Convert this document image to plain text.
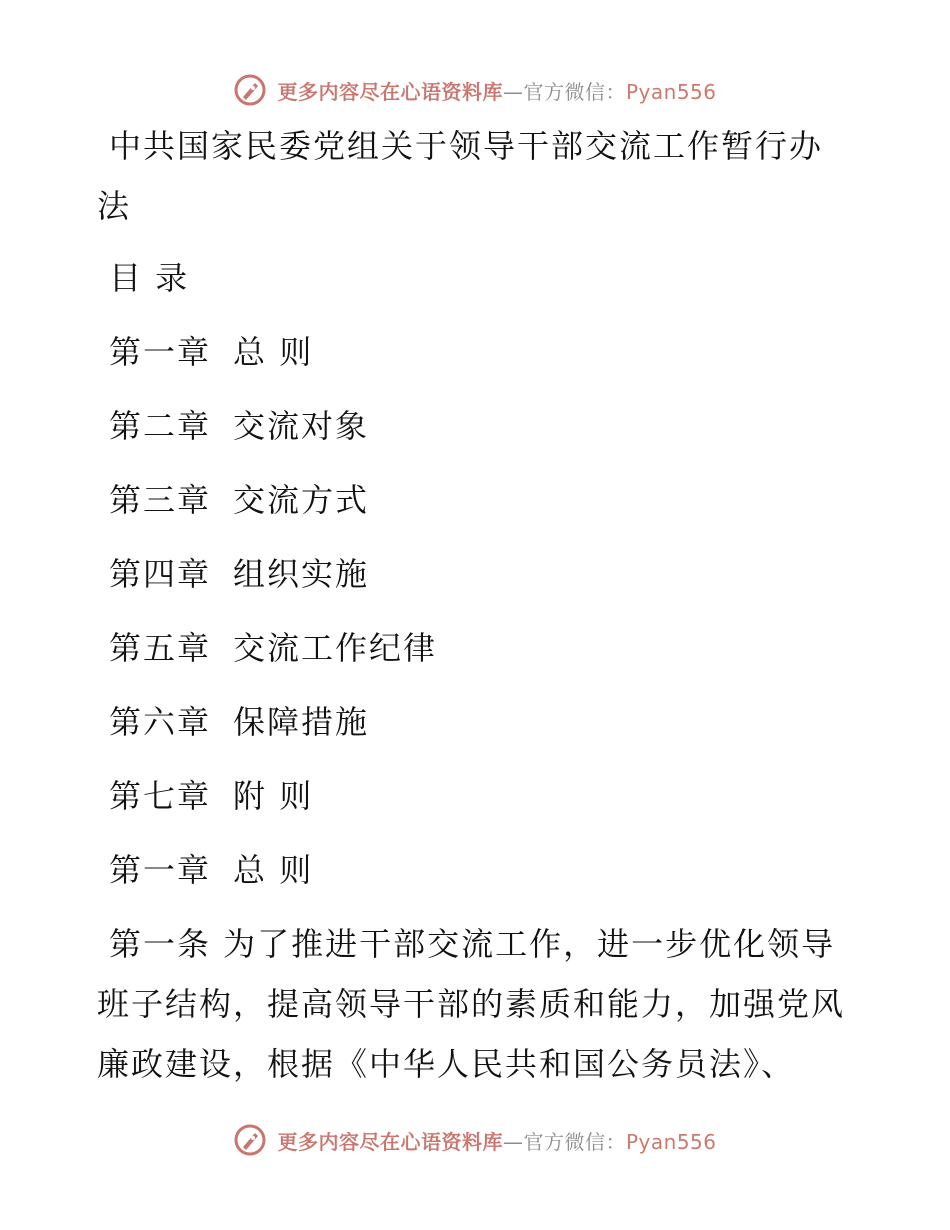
更多内容尽在心语资料库—官方微信：Pyan556
中共国家民委党组关于领导干部交流工作暂行办
法
目 录
第一章 总 则
第二章 交流对象
第三章 交流方式
第四章 组织实施
第五章 交流工作纪律
第六章 保障措施
第七章 附 则
第一章 总 则
第一条 为了推进干部交流工作，进一步优化领导
班子结构，提高领导干部的素质和能力，加强党风
廉政建设，根据《中华人民共和国公务员法》、
更多内容尽在心语资料库—官方微信：Pyan556
